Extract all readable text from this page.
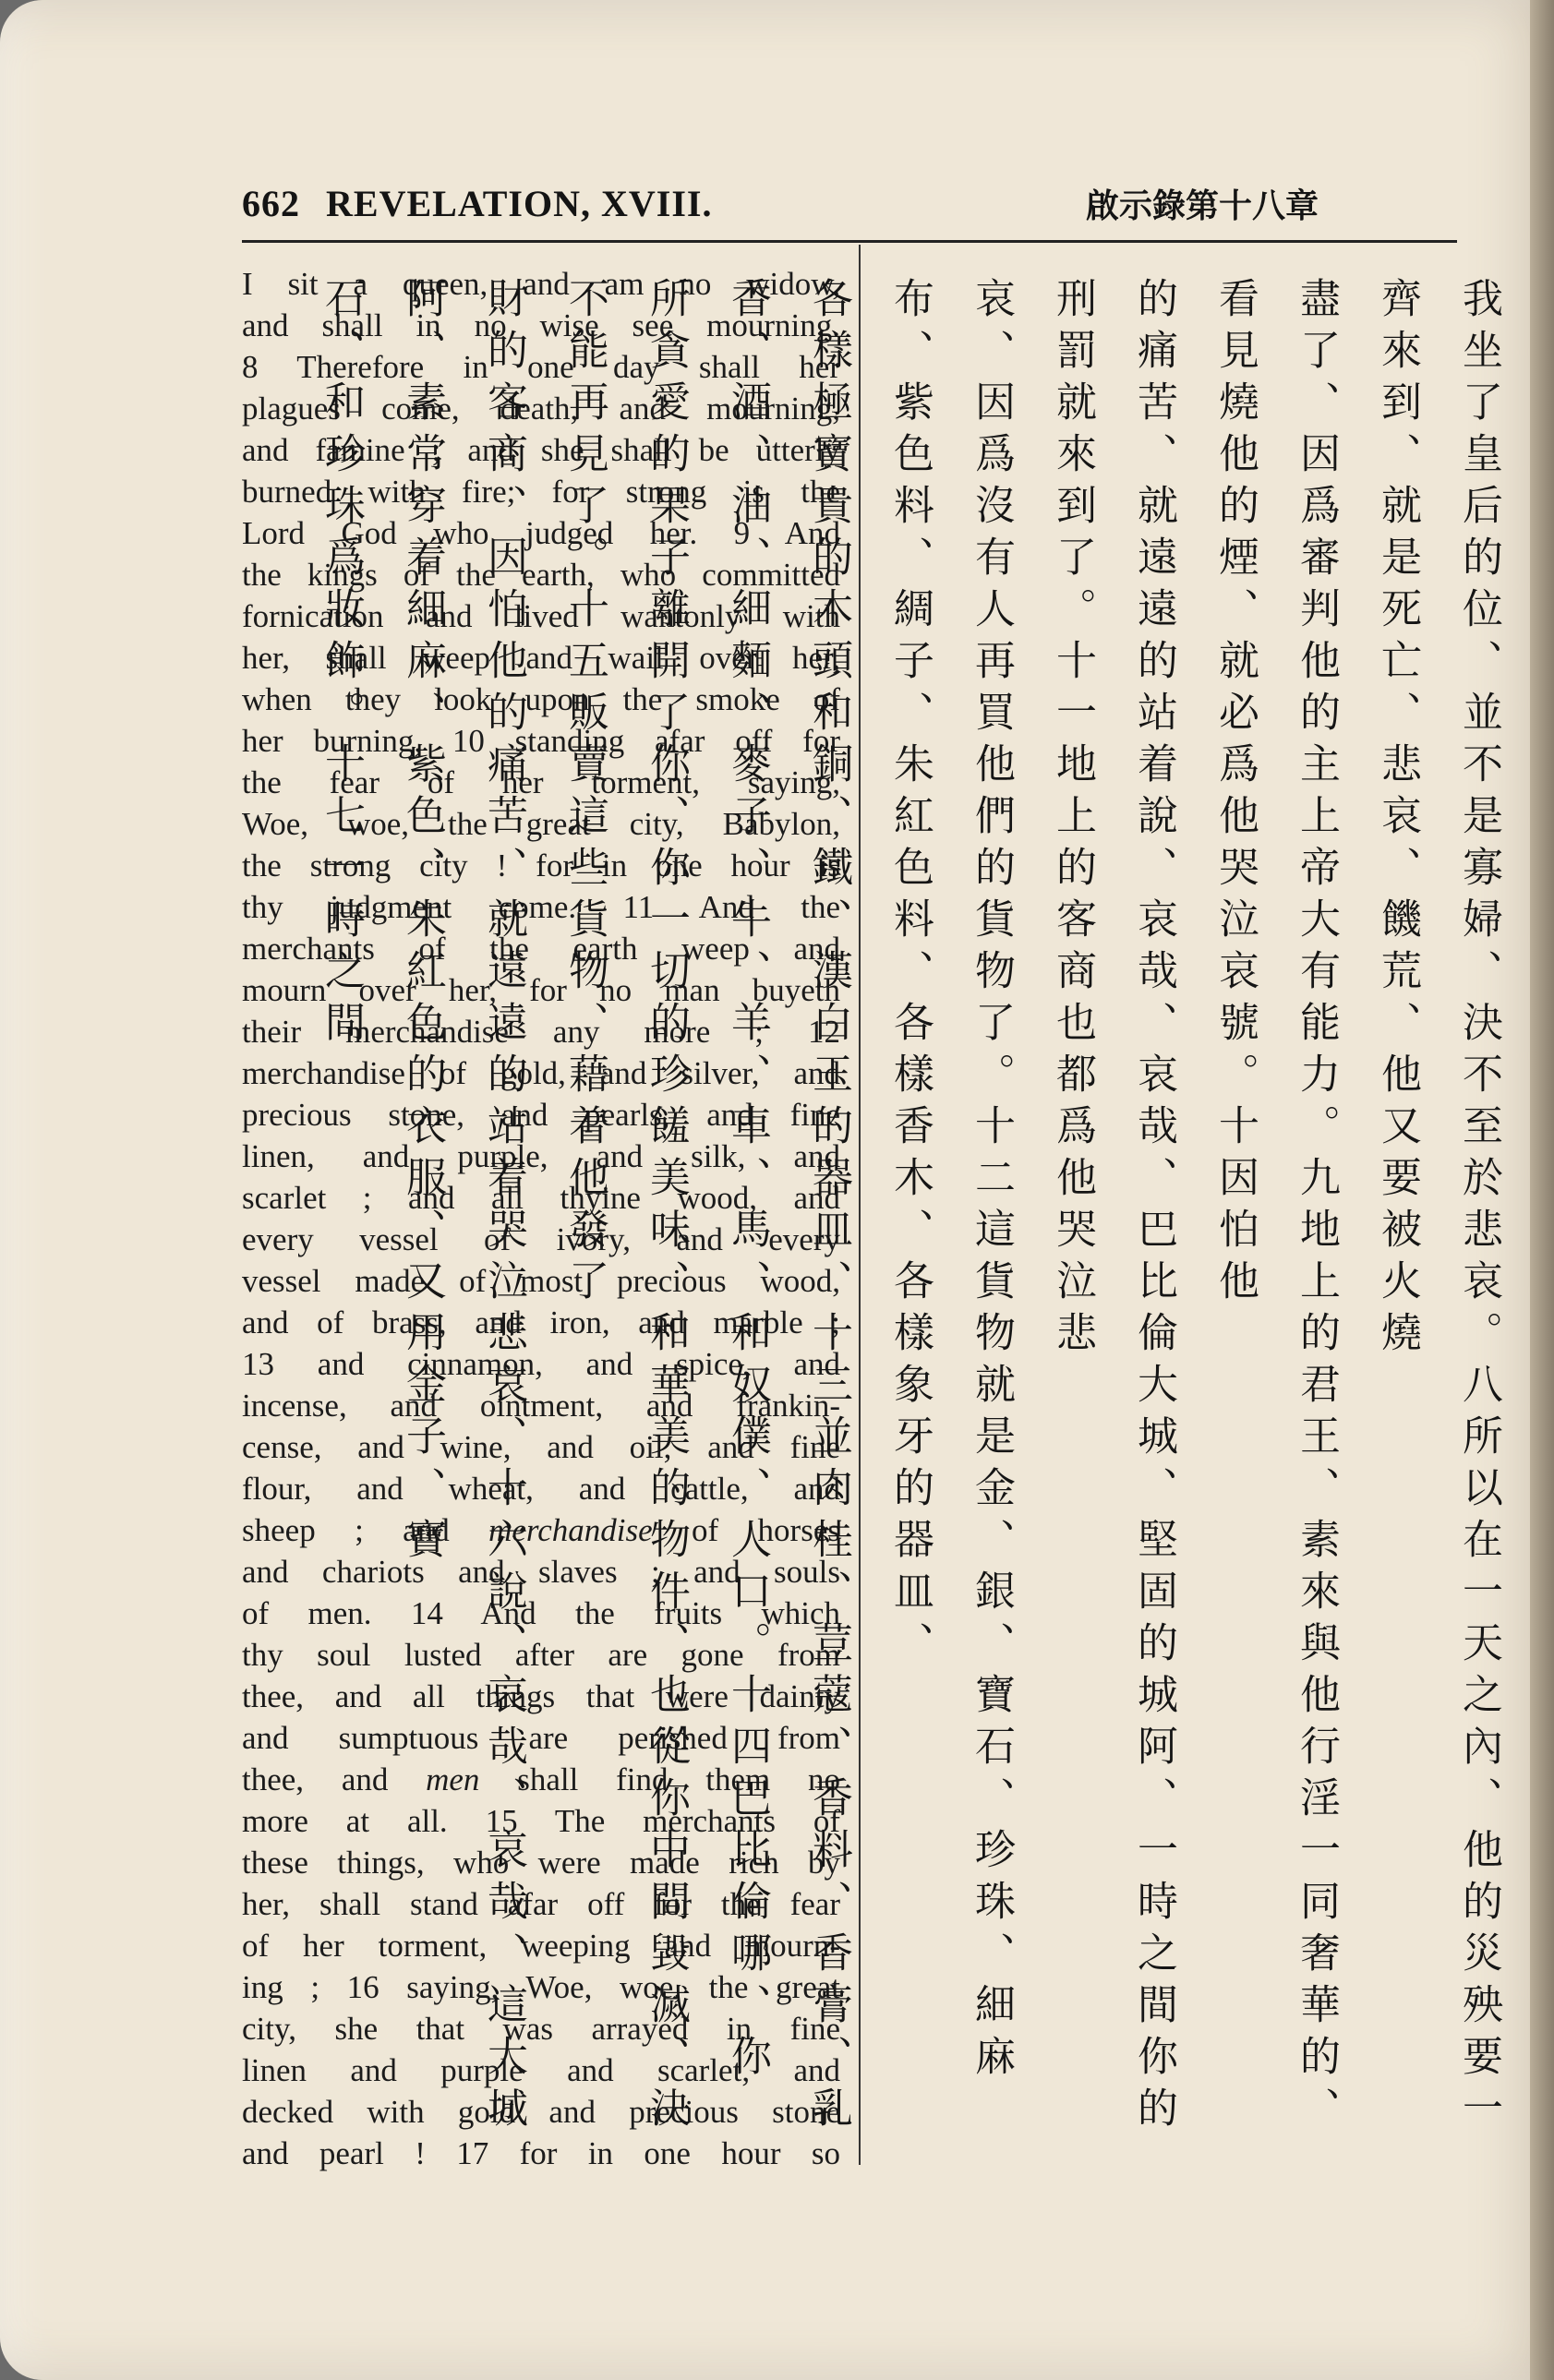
662 REVELATION, XVIII.	啟示錄第十八章
I sit a queen, and am no widow,
and shall in no wise see mourning.
8 Therefore in one day shall her
plagues come, death, and mourning,
and famine ; and she shall be utterly
burned with fire; for strong is the
Lord God who judged her. 9 And
the kings of the earth, who committed
fornication and lived wantonly with
her, shall weep and wail over her,
when they look upon the smoke of
her burning, 10 standing afar off for
the fear of her torment, saying,
Woe, woe, the great city, Babylon,
the strong city ! for in one hour is
thy judgment come. 11 And the
merchants of the earth weep and
mourn over her, for no man buyeth
their merchandise any more ; 12
merchandise of gold, and silver, and
precious stone, and pearls, and fine
linen, and purple, and silk, and
scarlet ; and all thyine wood, and
every vessel of ivory, and every
vessel made of most precious wood,
and of brass, and iron, and marble ;
13 and cinnamon, and spice, and
incense, and ointment, and frankin-
cense, and wine, and oil, and fine
flour, and wheat, and cattle, and
sheep ; and merchandise of horses
and chariots and slaves ; and souls
of men. 14 And the fruits which
thy soul lusted after are gone from
thee, and all things that were dainty
and sumptuous are perished from
thee, and men shall find them no
more at all. 15 The merchants of
these things, who were made rich by
her, shall stand afar off for the fear
of her torment, weeping and mourn-
ing ; 16 saying, Woe, woe, the great
city, she that was arrayed in fine
linen and purple and scarlet, and
decked with gold and precious stone
and pearl ! 17 for in one hour so
我坐了皇后的位、並不是寡婦、決不至於悲哀。八所以在一天之內、他的災殃要一齊來到、就是死亡、悲哀、饑荒、他又要被火燒
盡了、因爲審判他的主上帝大有能力。九地上的君王、素來與他行淫一同奢華的、看見燒他的煙、就必爲他哭泣哀號。十因怕他
的痛苦、就遠遠的站着說、哀哉、哀哉、巴比倫大城、堅固的城阿、一時之間你的刑罰就來到了。十一地上的客商也都爲他哭泣悲
哀、因爲沒有人再買他們的貨物了。十二這貨物就是金、銀、寶石、珍珠、細麻布、紫色料、綢子、朱紅色料、各樣香木、各樣象牙的器皿、
各樣極寶貴的木頭和銅、鐵、漢白玉的器皿、十三並肉桂、荳蔻、香料、香膏、乳香、酒、油、細麵、麥子、牛、羊、車、馬、和奴僕、人口。十四巴比倫哪、你
所貪愛的果子離開了你、你一切的珍饈美味、和華美的物件、也從你中間毀滅、決不能再見了。十五販賣這些貨物、藉着他發了
財的客商、因怕他的痛苦、就遠遠的站着哭泣悲哀、十六說、哀哉、哀哉、這大城阿、素常穿着細麻、紫色、朱紅色的衣服、又用金子、寶
石、和珍珠爲妝飾。十七一時之間
